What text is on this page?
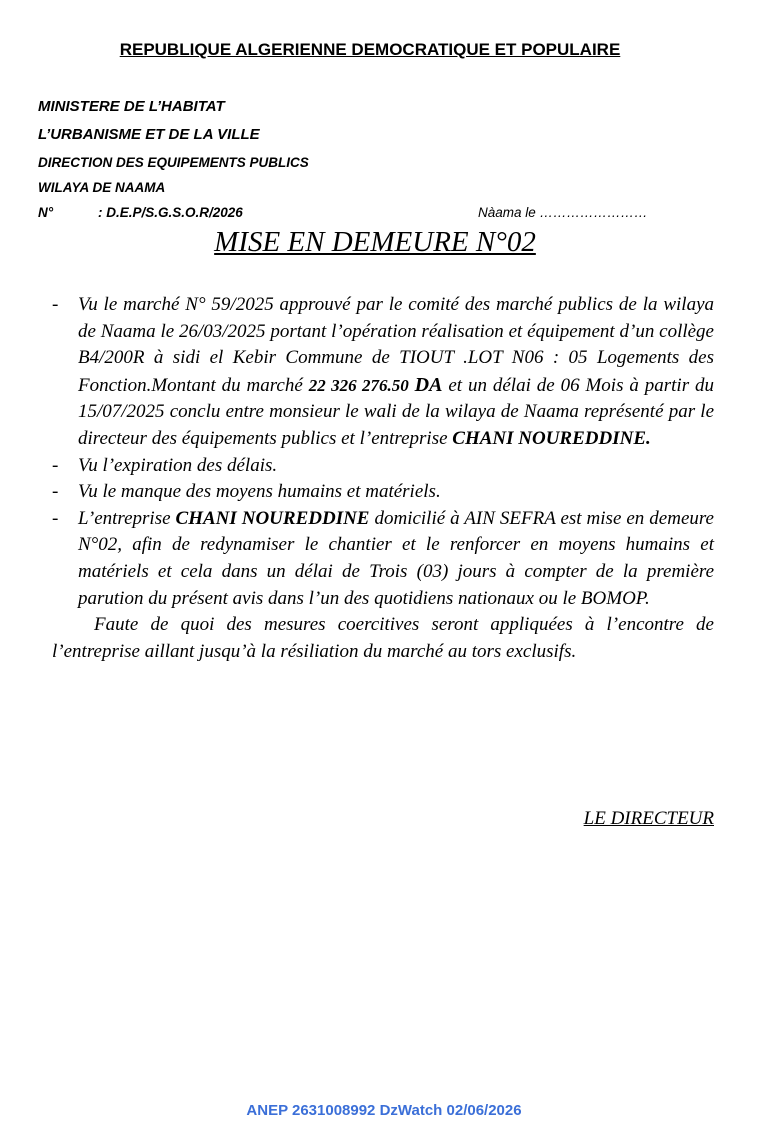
REPUBLIQUE ALGERIENNE DEMOCRATIQUE ET POPULAIRE
MINISTERE DE L’HABITAT
L’URBANISME ET DE LA VILLE
DIRECTION DES EQUIPEMENTS PUBLICS
WILAYA DE NAAMA
N°	: D.E.P/S.G.S.O.R/2026	Nàama le ……………………
MISE EN DEMEURE N°02
- Vu le marché N° 59/2025 approuvé par le comité des marché publics de la wilaya de Naama le 26/03/2025 portant l’opération réalisation et équipement d’un collège B4/200R à sidi el Kebir Commune de TIOUT .LOT N06 : 05 Logements des Fonction.Montant du marché 22 326 276.50 DA et un délai de 06 Mois à partir du 15/07/2025 conclu entre monsieur le wali de la wilaya de Naama représenté par le directeur des équipements publics et l’entreprise CHANI NOUREDDINE.
- Vu l’expiration des délais.
- Vu le manque des moyens humains et matériels.
- L’entreprise CHANI NOUREDDINE domicilié à AIN SEFRA est mise en demeure N°02, afin de redynamiser le chantier et le renforcer en moyens humains et matériels et cela dans un délai de Trois (03) jours à compter de la première parution du présent avis dans l’un des quotidiens nationaux ou le BOMOP.
Faute de quoi des mesures coercitives seront appliquées à l’encontre de l’entreprise aillant jusqu’à la résiliation du marché au tors exclusifs.
LE DIRECTEUR
ANEP 2631008992 DzWatch 02/06/2026
